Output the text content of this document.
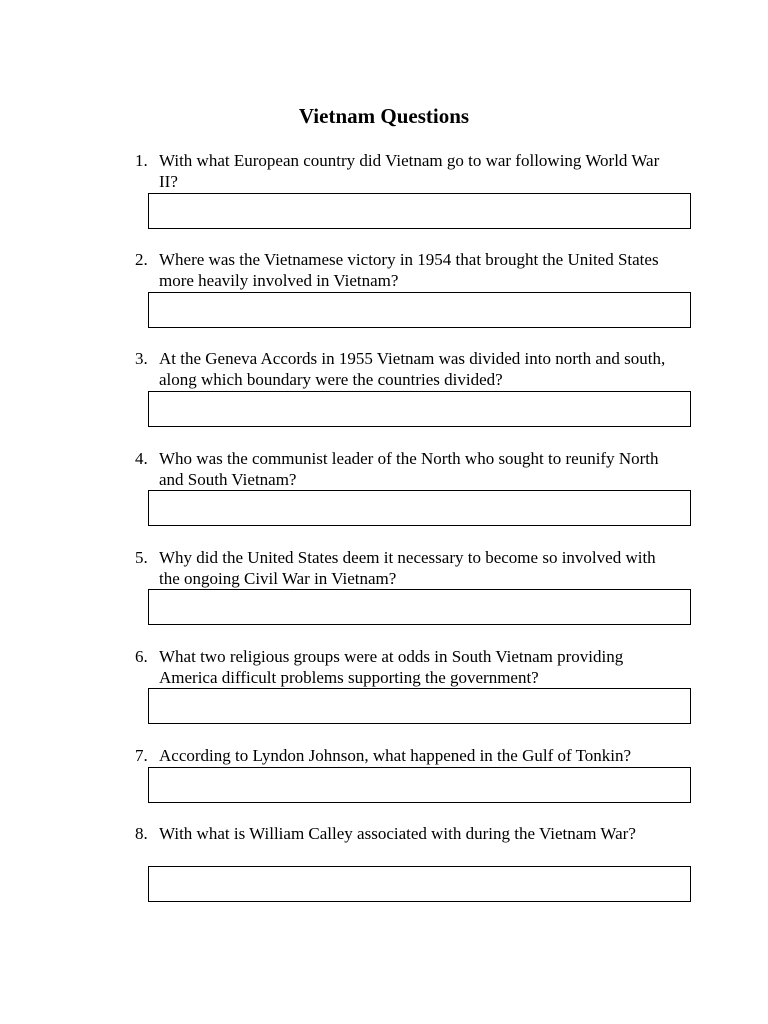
Vietnam Questions
1. With what European country did Vietnam go to war following World War II?
2. Where was the Vietnamese victory in 1954 that brought the United States more heavily involved in Vietnam?
3. At the Geneva Accords in 1955 Vietnam was divided into north and south, along which boundary were the countries divided?
4. Who was the communist leader of the North who sought to reunify North and South Vietnam?
5. Why did the United States deem it necessary to become so involved with the ongoing Civil War in Vietnam?
6. What two religious groups were at odds in South Vietnam providing America difficult problems supporting the government?
7. According to Lyndon Johnson, what happened in the Gulf of Tonkin?
8. With what is William Calley associated with during the Vietnam War?
